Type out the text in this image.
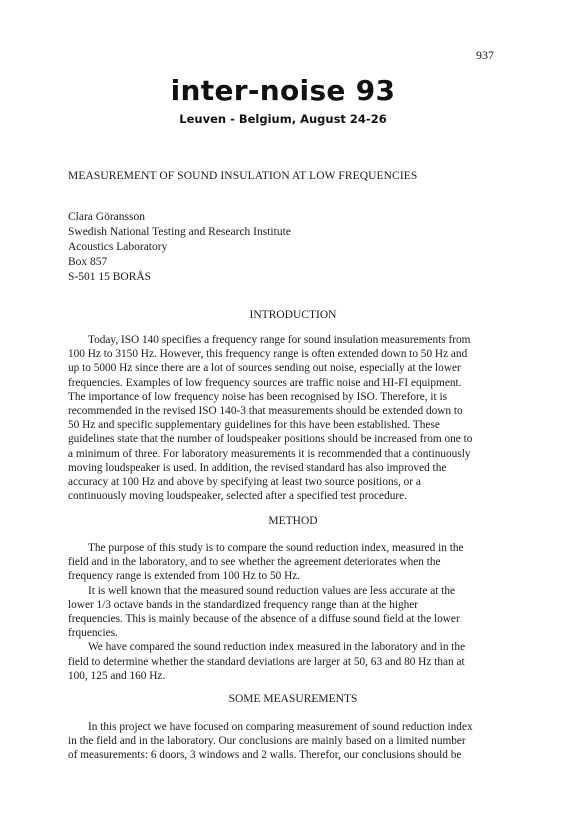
937
inter-noise 93
Leuven - Belgium, August 24-26
MEASUREMENT OF SOUND INSULATION AT LOW FREQUENCIES
Clara Göransson
Swedish National Testing and Research Institute
Acoustics Laboratory
Box 857
S-501 15 BORÅS
INTRODUCTION
Today, ISO 140 specifies a frequency range for sound insulation measurements from
100 Hz to 3150 Hz. However, this frequency range is often extended down to 50 Hz and
up to 5000 Hz since there are a lot of sources sending out noise, especially at the lower
frequencies. Examples of low frequency sources are traffic noise and HI-FI equipment.
The importance of low frequency noise has been recognised by ISO. Therefore, it is
recommended in the revised ISO 140-3 that measurements should be extended down to
50 Hz and specific supplementary guidelines for this have been established. These
guidelines state that the number of loudspeaker positions should be increased from one to
a minimum of three. For laboratory measurements it is recommended that a continuously
moving loudspeaker is used. In addition, the revised standard has also improved the
accuracy at 100 Hz and above by specifying at least two source positions, or a
continuously moving loudspeaker, selected after a specified test procedure.
METHOD
The purpose of this study is to compare the sound reduction index, measured in the
field and in the laboratory, and to see whether the agreement deteriorates when the
frequency range is extended from 100 Hz to 50 Hz.
It is well known that the measured sound reduction values are less accurate at the
lower 1/3 octave bands in the standardized frequency range than at the higher
frequencies. This is mainly because of the absence of a diffuse sound field at the lower
frquencies.
We have compared the sound reduction index measured in the laboratory and in the
field to determine whether the standard deviations are larger at 50, 63 and 80 Hz than at
100, 125 and 160 Hz.
SOME MEASUREMENTS
In this project we have focused on comparing measurement of sound reduction index
in the field and in the laboratory. Our conclusions are mainly based on a limited number
of measurements: 6 doors, 3 windows and 2 walls. Therefor, our conclusions should be
